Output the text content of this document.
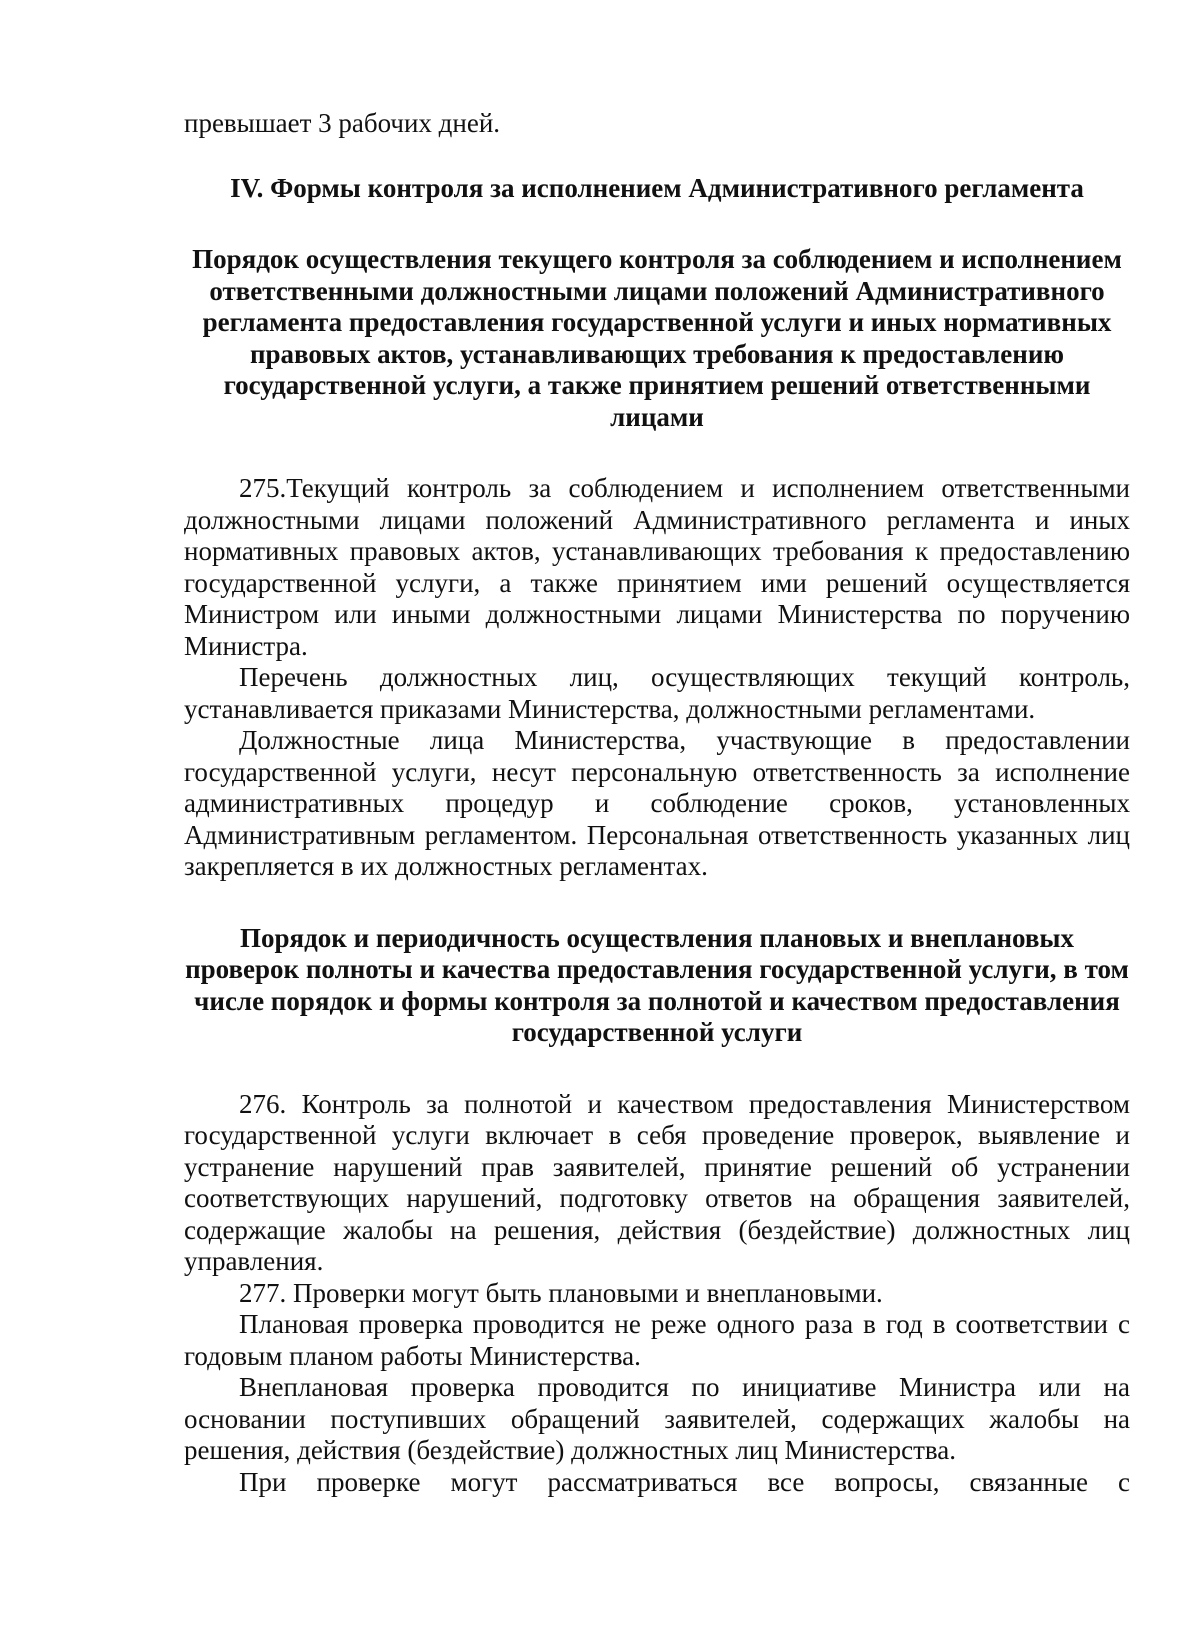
превышает 3 рабочих дней.

IV. Формы контроля за исполнением Административного регламента
Порядок осуществления текущего контроля за соблюдением и исполнением ответственными должностными лицами положений Административного регламента предоставления государственной услуги и иных нормативных правовых актов, устанавливающих требования к предоставлению государственной услуги, а также принятием решений ответственными лицами

275.Текущий контроль за соблюдением и исполнением ответственными должностными лицами положений Административного регламента и иных нормативных правовых актов, устанавливающих требования к предоставлению государственной услуги, а также принятием ими решений осуществляется Министром или иными должностными лицами Министерства по поручению Министра.

Перечень должностных лиц, осуществляющих текущий контроль, устанавливается приказами Министерства, должностными регламентами.

Должностные лица Министерства, участвующие в предоставлении государственной услуги, несут персональную ответственность за исполнение административных процедур и соблюдение сроков, установленных Административным регламентом. Персональная ответственность указанных лиц закрепляется в их должностных регламентах.

Порядок и периодичность осуществления плановых и внеплановых проверок полноты и качества предоставления государственной услуги, в том числе порядок и формы контроля за полнотой и качеством предоставления государственной услуги

276. Контроль за полнотой и качеством предоставления Министерством государственной услуги включает в себя проведение проверок, выявление и устранение нарушений прав заявителей, принятие решений об устранении соответствующих нарушений, подготовку ответов на обращения заявителей, содержащие жалобы на решения, действия (бездействие) должностных лиц управления.

277. Проверки могут быть плановыми и внеплановыми.

Плановая проверка проводится не реже одного раза в год в соответствии с годовым планом работы Министерства.

Внеплановая проверка проводится по инициативе Министра или на основании поступивших обращений заявителей, содержащих жалобы на решения, действия (бездействие) должностных лиц Министерства.

При проверке могут рассматриваться все вопросы, связанные с
